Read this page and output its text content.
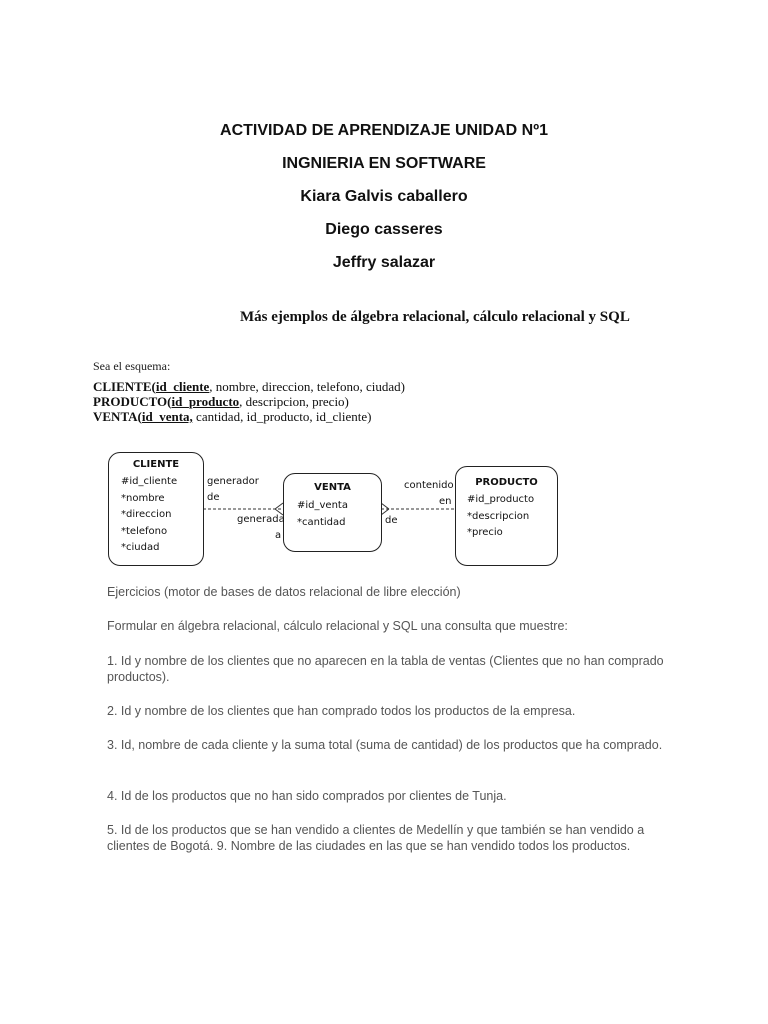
ACTIVIDAD DE APRENDIZAJE UNIDAD Nº1
INGNIERIA EN SOFTWARE
Kiara Galvis caballero
Diego casseres
Jeffry salazar
Más ejemplos de álgebra relacional, cálculo relacional y SQL
Sea el esquema:
CLIENTE(id_cliente, nombre, direccion, telefono, ciudad)
PRODUCTO(id_producto, descripcion, precio)
VENTA(id_venta, cantidad, id_producto, id_cliente)
CLIENTE
#id_cliente
*nombre
*direccion
*telefono
*ciudad
VENTA
#id_venta
*cantidad
PRODUCTO
#id_producto
*descripcion
*precio
generador
de
generada
a
contenido
en
de
Ejercicios (motor de bases de datos relacional de libre elección)
Formular en álgebra relacional, cálculo relacional y SQL una consulta que muestre:
1. Id y nombre de los clientes que no aparecen en la tabla de ventas (Clientes que no han comprado productos).
2. Id y nombre de los clientes que han comprado todos los productos de la empresa.
3. Id, nombre de cada cliente y la suma total (suma de cantidad) de los productos que ha comprado.
4. Id de los productos que no han sido comprados por clientes de Tunja.
5. Id de los productos que se han vendido a clientes de Medellín y que también se han vendido a clientes de Bogotá. 9. Nombre de las ciudades en las que se han vendido todos los productos.
